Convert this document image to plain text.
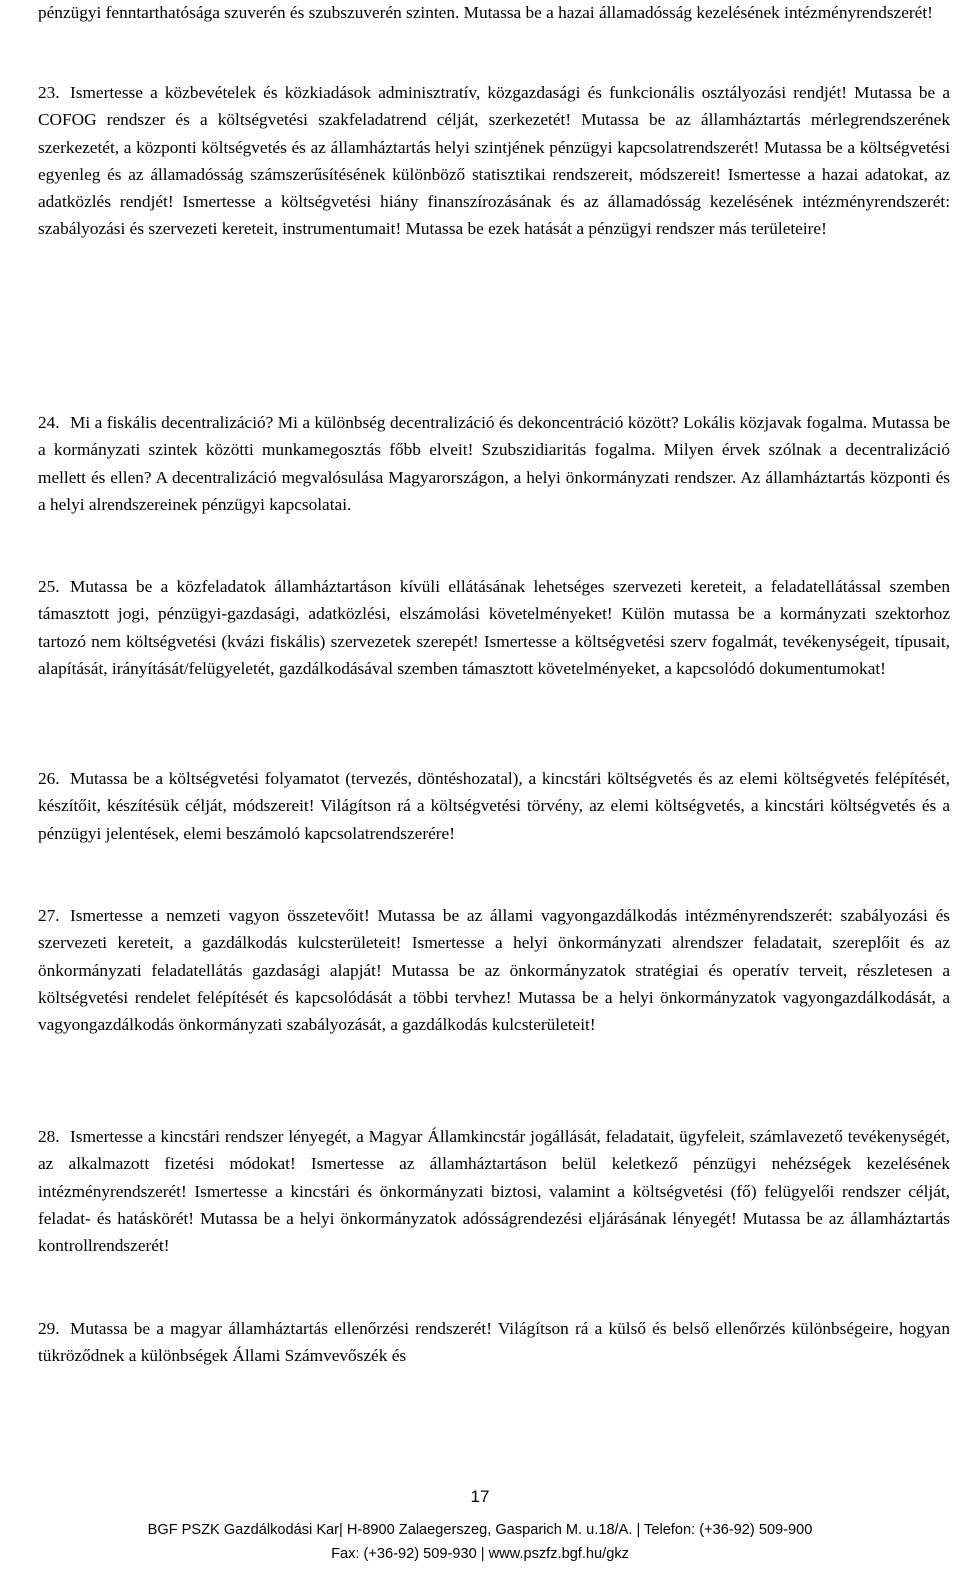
pénzügyi fenntarthatósága szuverén és szubszuverén szinten. Mutassa be a hazai államadósság kezelésének intézményrendszerét!

23. Ismertesse a közbevételek és közkiadások adminisztratív, közgazdasági és funkcionális osztályozási rendjét! Mutassa be a COFOG rendszer és a költségvetési szakfeladatrend célját, szerkezetét! Mutassa be az államháztartás mérlegrendszerének szerkezetét, a központi költségvetés és az államháztartás helyi szintjének pénzügyi kapcsolatrendszerét! Mutassa be a költségvetési egyenleg és az államadósság számszerűsítésének különböző statisztikai rendszereit, módszereit! Ismertesse a hazai adatokat, az adatközlés rendjét! Ismertesse a költségvetési hiány finanszírozásának és az államadósság kezelésének intézményrendszerét: szabályozási és szervezeti kereteit, instrumentumait! Mutassa be ezek hatását a pénzügyi rendszer más területeire!

24. Mi a fiskális decentralizáció? Mi a különbség decentralizáció és dekoncentráció között? Lokális közjavak fogalma. Mutassa be a kormányzati szintek közötti munkamegosztás főbb elveit! Szubszidiaritás fogalma. Milyen érvek szólnak a decentralizáció mellett és ellen? A decentralizáció megvalósulása Magyarországon, a helyi önkormányzati rendszer. Az államháztartás központi és a helyi alrendszereinek pénzügyi kapcsolatai.

25. Mutassa be a közfeladatok államháztartáson kívüli ellátásának lehetséges szervezeti kereteit, a feladatellátással szemben támasztott jogi, pénzügyi-gazdasági, adatközlési, elszámolási követelményeket! Külön mutassa be a kormányzati szektorhoz tartozó nem költségvetési (kvázi fiskális) szervezetek szerepét! Ismertesse a költségvetési szerv fogalmát, tevékenységeit, típusait, alapítását, irányítását/felügyeletét, gazdálkodásával szemben támasztott követelményeket, a kapcsolódó dokumentumokat!

26. Mutassa be a költségvetési folyamatot (tervezés, döntéshozatal), a kincstári költségvetés és az elemi költségvetés felépítését, készítőit, készítésük célját, módszereit! Világítson rá a költségvetési törvény, az elemi költségvetés, a kincstári költségvetés és a pénzügyi jelentések, elemi beszámoló kapcsolatrendszerére!

27. Ismertesse a nemzeti vagyon összetevőit! Mutassa be az állami vagyongazdálkodás intézményrendszerét: szabályozási és szervezeti kereteit, a gazdálkodás kulcsterületeit! Ismertesse a helyi önkormányzati alrendszer feladatait, szereplőit és az önkormányzati feladatellátás gazdasági alapját! Mutassa be az önkormányzatok stratégiai és operatív terveit, részletesen a költségvetési rendelet felépítését és kapcsolódását a többi tervhez! Mutassa be a helyi önkormányzatok vagyongazdálkodását, a vagyongazdálkodás önkormányzati szabályozását, a gazdálkodás kulcsterületeit!

28. Ismertesse a kincstári rendszer lényegét, a Magyar Államkincstár jogállását, feladatait, ügyfeleit, számlavezető tevékenységét, az alkalmazott fizetési módokat! Ismertesse az államháztartáson belül keletkező pénzügyi nehézségek kezelésének intézményrendszerét! Ismertesse a kincstári és önkormányzati biztosi, valamint a költségvetési (fő) felügyelői rendszer célját, feladat- és hatáskörét! Mutassa be a helyi önkormányzatok adósságrendezési eljárásának lényegét! Mutassa be az államháztartás kontrollrendszerét!

29. Mutassa be a magyar államháztartás ellenőrzési rendszerét! Világítson rá a külső és belső ellenőrzés különbségeire, hogyan tükröződnek a különbségek Állami Számvevőszék és

17
BGF PSZK Gazdálkodási Kar| H-8900 Zalaegerszeg, Gasparich M. u.18/A. | Telefon: (+36-92) 509-900
Fax: (+36-92) 509-930 | www.pszfz.bgf.hu/gkz
